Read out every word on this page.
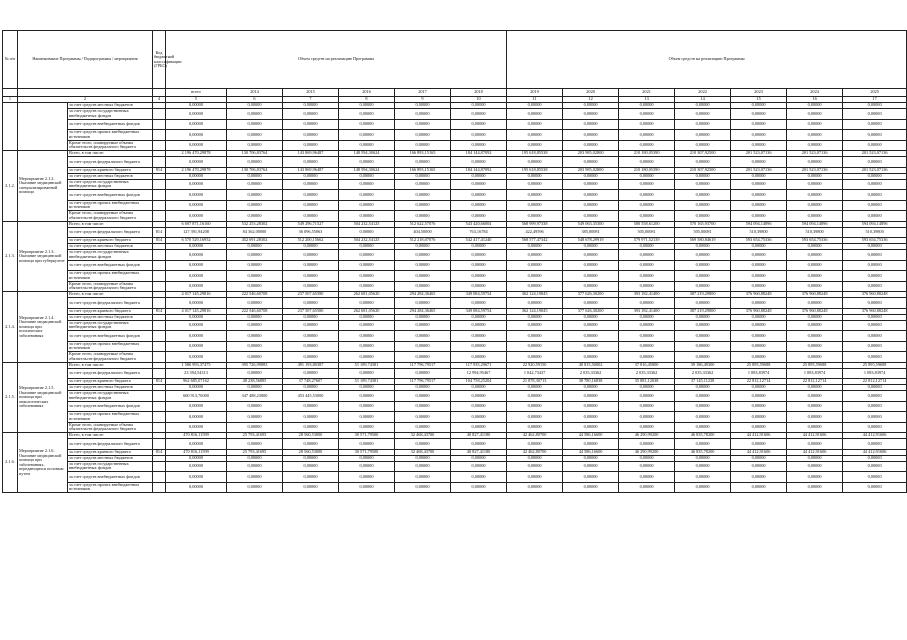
№ п/п	Наименование Программы / Подпрограммы / мероприятия		Код бюджетной классификации (ГРБС)	Объем средств на реализацию Программы						Объем средств на реализацию Программы						
				всего	2014	2015	2016	2017	2018	2019	2020	2021	2022	2023	2024	2025
1	2		4	5	6	7	8	9	10	11	12	13	14	15	16	17
		за счет средств местных бюджетов		0,00000	0,00000	0,00000	0,00000	0,00000	0,00000	0,00000	0,00000	0,00000	0,00000	0,00000	0,00000	0,00000
		за счет средств государственных внебюджетных фондов		0,00000	0,00000	0,00000	0,00000	0,00000	0,00000	0,00000	0,00000	0,00000	0,00000	0,00000	0,00000	0,00000
		за счет средств внебюджетных фондов		0,00000	0,00000	0,00000	0,00000	0,00000	0,00000	0,00000	0,00000	0,00000	0,00000	0,00000	0,00000	0,00000
		за счет средств прочих внебюджетных источников		0,00000	0,00000	0,00000	0,00000	0,00000	0,00000	0,00000	0,00000	0,00000	0,00000	0,00000	0,00000	0,00000
		Кроме этого, планируемые объемы обязательств федерального бюджета		0,00000	0,00000	0,00000	0,00000	0,00000	0,00000	0,00000	0,00000	0,00000	0,00000	0,00000	0,00000	0,00000
2.1.2.	Мероприятие 2.1.2. Оказание медицинской специализированной помощи	Всего, в том числе:		2 196 470,29878	130 706,83764	143 869,96487	148 594,30624	166 893,15165	184 144,87092	195 618,85538	203 985,02800	210 180,05390	210 307,92500	201 523,07136	201 523,07136	201 523,07136
		за счет средств федерального бюджета		0,00000	0,00000	0,00000	0,00000	0,00000	0,00000	0,00000	0,00000	0,00000	0,00000	0,00000	0,00000	0,00000
		за счет средств краевого бюджета	814	2 196 470,29878	130 706,83764	143 869,96487	148 594,30624	166 893,15165	184 144,87092	195 618,85538	203 985,02800	210 180,05390	210 307,92500	201 523,07136	201 523,07136	201 523,07136
		за счет средств местных бюджетов		0,00000	0,00000	0,00000	0,00000	0,00000	0,00000	0,00000	0,00000	0,00000	0,00000	0,00000	0,00000	0,00000
		за счет средств государственных внебюджетных фондов		0,00000	0,00000	0,00000	0,00000	0,00000	0,00000	0,00000	0,00000	0,00000	0,00000	0,00000	0,00000	0,00000
		за счет средств внебюджетных фондов		0,00000	0,00000	0,00000	0,00000	0,00000	0,00000	0,00000	0,00000	0,00000	0,00000	0,00000	0,00000	0,00000
		за счет средств прочих внебюджетных источников		0,00000	0,00000	0,00000	0,00000	0,00000	0,00000	0,00000	0,00000	0,00000	0,00000	0,00000	0,00000	0,00000
		Кроме этого, планируемые объемы обязательств федерального бюджета		0,00000	0,00000	0,00000	0,00000	0,00000	0,00000	0,00000	0,00000	0,00000	0,00000	0,00000	0,00000	0,00000
2.1.3.	Мероприятие 2.1.3. Оказание медицинской помощи при туберкулезе	Всего, в том числе:		6 697 871,16160	532 253,28302	549 296,71527	504 232,54125	512 622,57076	543 420,66004	568 999,97338	549 063,35300	580 558,61200	570 165,93700	594 094,14896	594 094,14896	594 094,14896
		за счет средств федерального бюджета	814	127 391,94208	84 362,00000	36 096,55063	0,00000	404,50000	763,16784	422,49596	385,00081	505,00081	505,00081	510,39800	510,39800	510,39800
		за счет средств краевого бюджета	814	6 570 529,16952	452 691,28302	512 200,15662	504 232,54125	512 218,07076	542 417,41240	568 577,47342	548 678,29919	579 971,52139	569 580,84619	593 654,75336	593 654,75336	593 654,75336
		за счет средств местных бюджетов		0,00000	0,00000	0,00000	0,00000	0,00000	0,00000	0,00000	0,00000	0,00000	0,00000	0,00000	0,00000	0,00000
		за счет средств государственных внебюджетных фондов		0,00000	0,00000	0,00000	0,00000	0,00000	0,00000	0,00000	0,00000	0,00000	0,00000	0,00000	0,00000	0,00000
		за счет средств внебюджетных фондов		0,00000	0,00000	0,00000	0,00000	0,00000	0,00000	0,00000	0,00000	0,00000	0,00000	0,00000	0,00000	0,00000
		за счет средств прочих внебюджетных источников		0,00000	0,00000	0,00000	0,00000	0,00000	0,00000	0,00000	0,00000	0,00000	0,00000	0,00000	0,00000	0,00000
		Кроме этого, планируемые объемы обязательств федерального бюджета		0,00000	0,00000	0,00000	0,00000	0,00000	0,00000	0,00000	0,00000	0,00000	0,00000	0,00000	0,00000	0,00000
2.1.4.	Мероприятие 2.1.4. Оказание медицинской помощи при психических заболеваниях	Всего, в том числе:		4 017 145,29816	222 546,60708	237 507,65580	262 681,05620	294 284,36465	349 084,59754	362 124,19845	377 626,30200	393 182,41400	387 219,29800	376 960,88248	376 960,88248	376 960,88248
		за счет средств федерального бюджета		0,00000	0,00000	0,00000	0,00000	0,00000	0,00000	0,00000	0,00000	0,00000	0,00000	0,00000	0,00000	0,00000
		за счет средств краевого бюджета	814	4 017 145,29816	222 546,60708	237 507,65580	262 681,05620	294 284,36465	349 084,59754	362 124,19845	377 626,30200	393 182,41400	387 219,29800	376 960,88248	376 960,88248	376 960,88248
		за счет средств местных бюджетов		0,00000	0,00000	0,00000	0,00000	0,00000	0,00000	0,00000	0,00000	0,00000	0,00000	0,00000	0,00000	0,00000
		за счет средств государственных внебюджетных фондов		0,00000	0,00000	0,00000	0,00000	0,00000	0,00000	0,00000	0,00000	0,00000	0,00000	0,00000	0,00000	0,00000
		за счет средств внебюджетных фондов		0,00000	0,00000	0,00000	0,00000	0,00000	0,00000	0,00000	0,00000	0,00000	0,00000	0,00000	0,00000	0,00000
		за счет средств прочих внебюджетных источников		0,00000	0,00000	0,00000	0,00000	0,00000	0,00000	0,00000	0,00000	0,00000	0,00000	0,00000	0,00000	0,00000
		Кроме этого, планируемые объемы обязательств федерального бюджета		0,00000	0,00000	0,00000	0,00000	0,00000	0,00000	0,00000	0,00000	0,00000	0,00000	0,00000	0,00000	0,00000
2.1.5.	Мероприятие 2.1.5. Оказание медицинской помощи при онкологических заболеваниях	Всего, в том числе:		1 586 993,37475	395 726,99883	491 193,80387	51 189,74381	117 796,79517	117 935,29671	22 920,59150	40 815,50002	37 816,45800	39 186,49300	25 895,59688	25 895,59688	25 895,59688
		за счет средств федерального бюджета		23 394,54313	0,00000	0,00000	0,00000	0,00000	12 994,95467	1 042,73437	2 035,33362	2 035,33362	2 035,33362	1 083,83974	1 083,83974	1 083,83974
		за счет средств краевого бюджета	814	962 685,07162	48 238,56885	37 748,27607	51 189,74381	117 796,79517	104 758,25204	21 878,30713	38 780,16838	35 881,12638	37 145,11238	22 812,12714	22 812,12714	22 812,12714
		за счет средств местных бюджетов		0,00000	0,00000	0,00000	0,00000	0,00000	0,00000	0,00000	0,00000	0,00000	0,00000	0,00000	0,00000	0,00000
		за счет средств государственных внебюджетных фондов		600 913,76000	347 488,23000	453 445,53000	0,00000	0,00000	0,00000	0,00000	0,00000	0,00000	0,00000	0,00000	0,00000	0,00000
		за счет средств внебюджетных фондов		0,00000	0,00000	0,00000	0,00000	0,00000	0,00000	0,00000	0,00000	0,00000	0,00000	0,00000	0,00000	0,00000
		за счет средств прочих внебюджетных источников		0,00000	0,00000	0,00000	0,00000	0,00000	0,00000	0,00000	0,00000	0,00000	0,00000	0,00000	0,00000	0,00000
		Кроме этого, планируемые объемы обязательств федерального бюджета		0,00000	0,00000	0,00000	0,00000	0,00000	0,00000	0,00000	0,00000	0,00000	0,00000	0,00000	0,00000	0,00000
2.1.6.	Мероприятие 2.1.6. Оказание медицинской помощи при заболеваниях, передающихся половым путем	Всего, в том числе:		470 816,11599	25 793,41695	28 560,53000	30 571,79500	32 468,43700	40 827,41180	42 462,80700	44 586,16600	46 290,99200	46 835,78200	44 412,91606	44 412,91606	44 412,91606
		за счет средств федерального бюджета		0,00000	0,00000	0,00000	0,00000	0,00000	0,00000	0,00000	0,00000	0,00000	0,00000	0,00000	0,00000	0,00000
		за счет средств краевого бюджета	814	470 816,11599	25 793,41695	28 560,53000	30 571,79500	32 468,43700	40 827,41180	42 462,80700	44 586,16600	46 290,99200	46 835,78200	44 412,91606	44 412,91606	44 412,91606
		за счет средств местных бюджетов		0,00000	0,00000	0,00000	0,00000	0,00000	0,00000	0,00000	0,00000	0,00000	0,00000	0,00000	0,00000	0,00000
		за счет средств государственных внебюджетных фондов		0,00000	0,00000	0,00000	0,00000	0,00000	0,00000	0,00000	0,00000	0,00000	0,00000	0,00000	0,00000	0,00000
		за счет средств внебюджетных фондов		0,00000	0,00000	0,00000	0,00000	0,00000	0,00000	0,00000	0,00000	0,00000	0,00000	0,00000	0,00000	0,00000
		за счет средств прочих внебюджетных источников		0,00000	0,00000	0,00000	0,00000	0,00000	0,00000	0,00000	0,00000	0,00000	0,00000	0,00000	0,00000	0,00000
